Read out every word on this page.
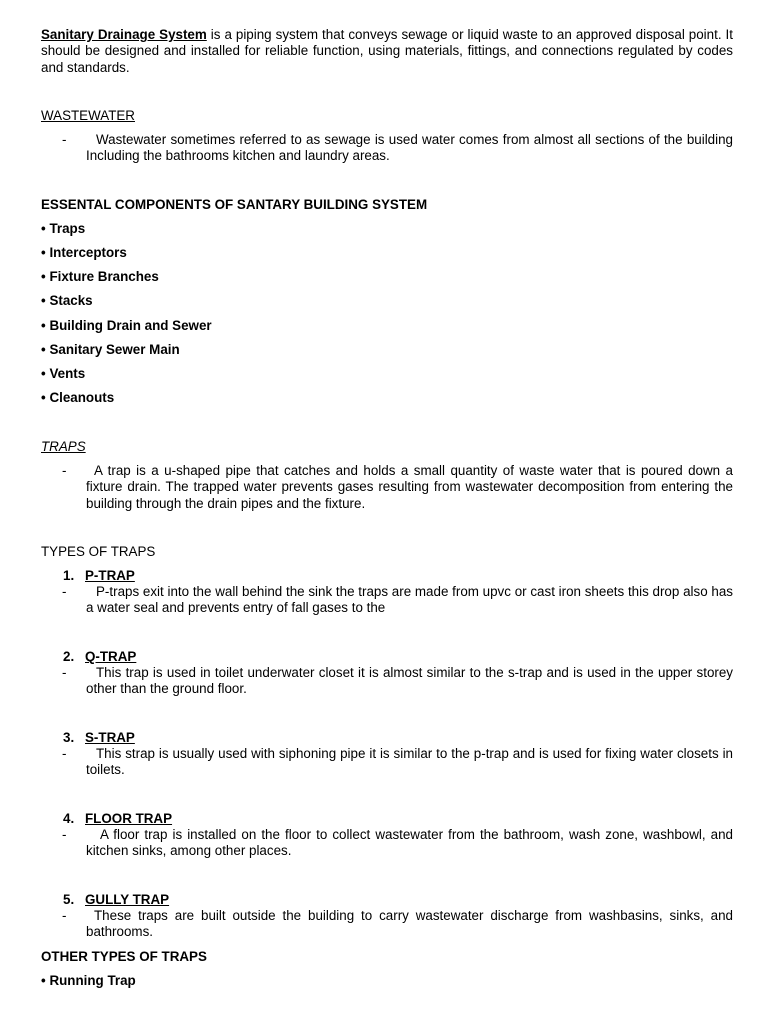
Sanitary Drainage System is a piping system that conveys sewage or liquid waste to an approved disposal point. It should be designed and installed for reliable function, using materials, fittings, and connections regulated by codes and standards.
WASTEWATER
-	Wastewater sometimes referred to as sewage is used water comes from almost all sections of the building Including the bathrooms kitchen and laundry areas.
ESSENTAL COMPONENTS OF SANTARY BUILDING SYSTEM
• Traps
• Interceptors
• Fixture Branches
• Stacks
• Building Drain and Sewer
• Sanitary Sewer Main
• Vents
• Cleanouts
TRAPS
-	A trap is a u-shaped pipe that catches and holds a small quantity of waste water that is poured down a fixture drain. The trapped water prevents gases resulting from wastewater decomposition from entering the building through the drain pipes and the fixture.
TYPES OF TRAPS
1. P-TRAP
-	P-traps exit into the wall behind the sink the traps are made from upvc or cast iron sheets this drop also has a water seal and prevents entry of fall gases to the
2. Q-TRAP
-	This trap is used in toilet underwater closet it is almost similar to the s-trap and is used in the upper storey other than the ground floor.
3. S-TRAP
-	This strap is usually used with siphoning pipe it is similar to the p-trap and is used for fixing water closets in toilets.
4. FLOOR TRAP
-	A floor trap is installed on the floor to collect wastewater from the bathroom, wash zone, washbowl, and kitchen sinks, among other places.
5. GULLY TRAP
-	These traps are built outside the building to carry wastewater discharge from washbasins, sinks, and bathrooms.
OTHER TYPES OF TRAPS
• Running Trap
